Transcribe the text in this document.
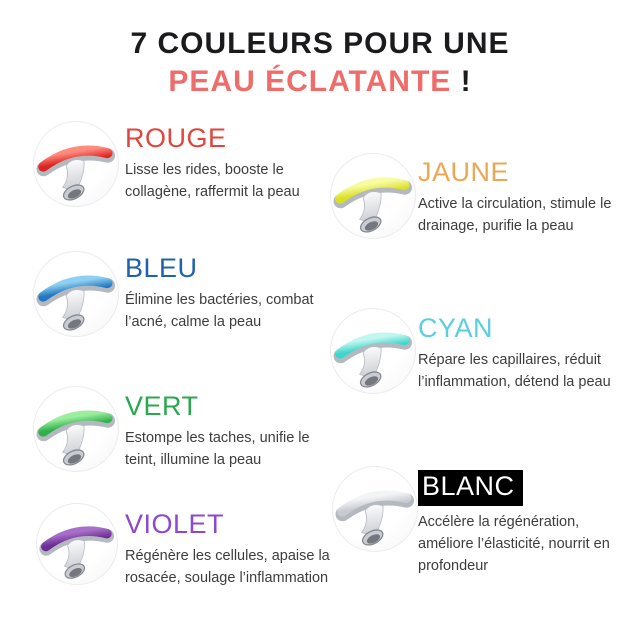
7 COULEURS POUR UNE
PEAU ÉCLATANTE !
ROUGE

Lisse les rides, booste le collagène, raffermit la peau

JAUNE

Active la circulation, stimule le drainage, purifie la peau

BLEU

Élimine les bactéries, combat l’acné, calme la peau	CYAN

Répare les capillaires, réduit l’inflammation, détend la peau

VERT

Estompe les taches, unifie le teint, illumine la peau

BLANC

Accélère la régénération, améliore l’élasticité, nourrit en profondeur

VIOLET

Régénère les cellules, apaise la rosacée, soulage l’inflammation
